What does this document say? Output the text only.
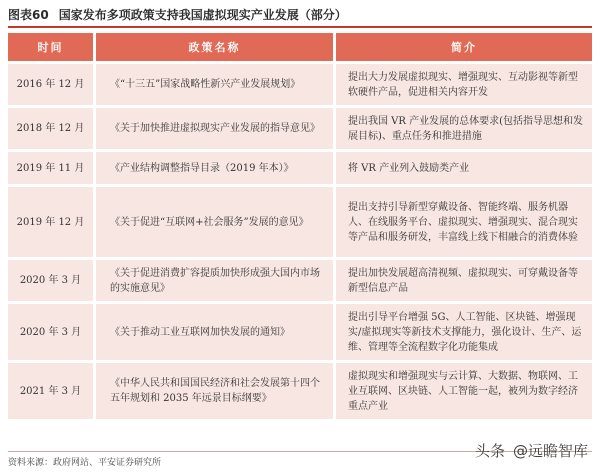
图表60 国家发布多项政策支持我国虚拟现实产业发展（部分）
时间	政策名称	简介
2016 年 12 月	《“十三五”国家战略性新兴产业发展规划》	提出大力发展虚拟现实、增强现实、互动影视等新型软硬件产品，促进相关内容开发
2018 年 12 月	《关于加快推进虚拟现实产业发展的指导意见》	提出我国 VR 产业发展的总体要求(包括指导思想和发展目标)、重点任务和推进措施
2019 年 11 月	《产业结构调整指导目录（2019 年本）》	将 VR 产业列入鼓励类产业
2019 年 12 月	《关于促进“互联网+社会服务”发展的意见》	提出支持引导新型穿戴设备、智能终端、服务机器人、在线服务平台、虚拟现实、增强现实、混合现实等产品和服务研发，丰富线上线下相融合的消费体验
2020 年 3 月	《关于促进消费扩容提质加快形成强大国内市场的实施意见》	提出加快发展超高清视频、虚拟现实、可穿戴设备等新型信息产品
2020 年 3 月	《关于推动工业互联网加快发展的通知》	提出引导平台增强 5G、人工智能、区块链、增强现实/虚拟现实等新技术支撑能力，强化设计、生产、运维、管理等全流程数字化功能集成
2021 年 3 月	《中华人民共和国国民经济和社会发展第十四个五年规划和 2035 年远景目标纲要》	虚拟现实和增强现实与云计算、大数据、物联网、工业互联网、区块链、人工智能一起，被列为数字经济重点产业
资料来源：政府网站、平安证券研究所
头条 @远瞻智库
